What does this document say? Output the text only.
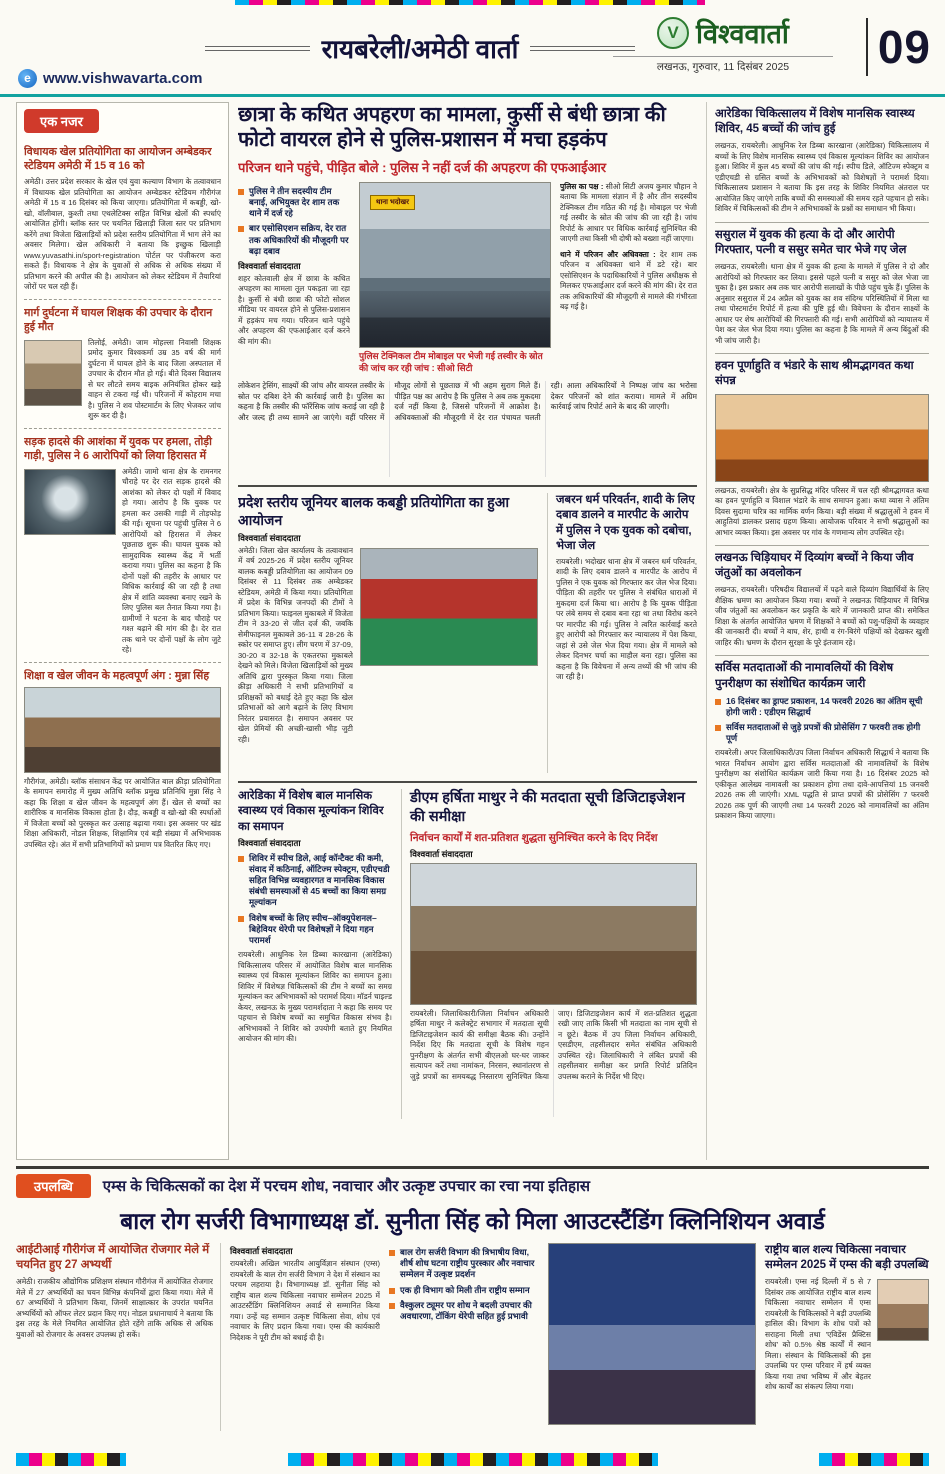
e www.vishwavarta.com
रायबरेली/अमेठी वार्ता
V विश्ववार्ता
लखनऊ, गुरुवार, 11 दिसंबर 2025	09
एक नजर
विधायक खेल प्रतियोगिता का आयोजन अम्बेडकर स्टेडियम अमेठी में 15 व 16 को

अमेठी। उत्तर प्रदेश सरकार के खेल एवं युवा कल्याण विभाग के तत्वावधान में विधायक खेल प्रतियोगिता का आयोजन अम्बेडकर स्टेडियम गौरीगंज अमेठी में 15 व 16 दिसंबर को किया जाएगा। प्रतियोगिता में कबड्डी, खो-खो, वॉलीबाल, कुश्ती तथा एथलेटिक्स सहित विभिन्न खेलों की स्पर्धाएं आयोजित होंगी। ब्लॉक स्तर पर चयनित खिलाड़ी जिला स्तर पर प्रतिभाग करेंगे तथा विजेता खिलाड़ियों को प्रदेश स्तरीय प्रतियोगिता में भाग लेने का अवसर मिलेगा। खेल अधिकारी ने बताया कि इच्छुक खिलाड़ी www.yuvasathi.in/sport-registration पोर्टल पर पंजीकरण करा सकते हैं। विधायक ने क्षेत्र के युवाओं से अधिक से अधिक संख्या में प्रतिभाग करने की अपील की है। आयोजन को लेकर स्टेडियम में तैयारियां जोरों पर चल रही हैं।

मार्ग दुर्घटना में घायल शिक्षक की उपचार के दौरान हुई मौत

तिलोई, अमेठी। जाम मोहल्ला निवासी शिक्षक प्रमोद कुमार विश्वकर्मा उम्र 35 वर्ष की मार्ग दुर्घटना में घायल होने के बाद जिला अस्पताल में उपचार के दौरान मौत हो गई। बीते दिवस विद्यालय से घर लौटते समय बाइक अनियंत्रित होकर खड़े वाहन से टकरा गई थी। परिजनों में कोहराम मचा है। पुलिस ने शव पोस्टमार्टम के लिए भेजकर जांच शुरू कर दी है।

सड़क हादसे की आशंका में युवक पर हमला, तोड़ी गाड़ी, पुलिस ने 6 आरोपियों को लिया हिरासत में

अमेठी। जामो थाना क्षेत्र के रामनगर चौराहे पर देर रात सड़क हादसे की आशंका को लेकर दो पक्षों में विवाद हो गया। आरोप है कि युवक पर हमला कर उसकी गाड़ी में तोड़फोड़ की गई। सूचना पर पहुंची पुलिस ने 6 आरोपियों को हिरासत में लेकर पूछताछ शुरू की। घायल युवक को सामुदायिक स्वास्थ्य केंद्र में भर्ती कराया गया। पुलिस का कहना है कि दोनों पक्षों की तहरीर के आधार पर विधिक कार्रवाई की जा रही है तथा क्षेत्र में शांति व्यवस्था बनाए रखने के लिए पुलिस बल तैनात किया गया है। ग्रामीणों ने घटना के बाद चौराहे पर गश्त बढ़ाने की मांग की है। देर रात तक थाने पर दोनों पक्षों के लोग जुटे रहे।

शिक्षा व खेल जीवन के महत्वपूर्ण अंग : मुन्ना सिंह

गौरीगंज, अमेठी। ब्लॉक संसाधन केंद्र पर आयोजित बाल क्रीड़ा प्रतियोगिता के समापन समारोह में मुख्य अतिथि ब्लॉक प्रमुख प्रतिनिधि मुन्ना सिंह ने कहा कि शिक्षा व खेल जीवन के महत्वपूर्ण अंग हैं। खेल से बच्चों का शारीरिक व मानसिक विकास होता है। दौड़, कबड्डी व खो-खो की स्पर्धाओं में विजेता बच्चों को पुरस्कृत कर उत्साह बढ़ाया गया। इस अवसर पर खंड शिक्षा अधिकारी, नोडल शिक्षक, शिक्षामित्र एवं बड़ी संख्या में अभिभावक उपस्थित रहे। अंत में सभी प्रतिभागियों को प्रमाण पत्र वितरित किए गए।

छात्रा के कथित अपहरण का मामला, कुर्सी से बंधी छात्रा की फोटो वायरल होने से पुलिस-प्रशासन में मचा हड़कंप
परिजन थाने पहुंचे, पीड़ित बोले : पुलिस ने नहीं दर्ज की अपहरण की एफआईआर
पुलिस ने तीन सदस्यीय टीम बनाई, अभियुक्त देर शाम तक थाने में दर्ज रहे
बार एसोसिएशन सक्रिय, देर रात तक अधिकारियों की मौजूदगी पर बढ़ा दबाव
विश्ववार्ता संवाददाता

शहर कोतवाली क्षेत्र में छात्रा के कथित अपहरण का मामला तूल पकड़ता जा रहा है। कुर्सी से बंधी छात्रा की फोटो सोशल मीडिया पर वायरल होने से पुलिस-प्रशासन में हड़कंप मच गया। परिजन थाने पहुंचे और अपहरण की एफआईआर दर्ज करने की मांग की।

थाना भदोखर
पुलिस टेक्निकल टीम मोबाइल पर भेजी गई तस्वीर के स्रोत की जांच कर रही जांच : सीओ सिटी

पुलिस का पक्ष : सीओ सिटी अजय कुमार चौहान ने बताया कि मामला संज्ञान में है और तीन सदस्यीय टेक्निकल टीम गठित की गई है। मोबाइल पर भेजी गई तस्वीर के स्रोत की जांच की जा रही है। जांच रिपोर्ट के आधार पर विधिक कार्रवाई सुनिश्चित की जाएगी तथा किसी भी दोषी को बख्शा नहीं जाएगा।

थाने में परिजन और अधिवक्ता : देर शाम तक परिजन व अधिवक्ता थाने में डटे रहे। बार एसोसिएशन के पदाधिकारियों ने पुलिस अधीक्षक से मिलकर एफआईआर दर्ज करने की मांग की। देर रात तक अधिकारियों की मौजूदगी से मामले की गंभीरता बढ़ गई है।

लोकेशन ट्रेसिंग, साक्ष्यों की जांच और वायरल तस्वीर के स्रोत पर दबिश देने की कार्रवाई जारी है। पुलिस का कहना है कि तस्वीर की फॉरेंसिक जांच कराई जा रही है और जल्द ही तथ्य सामने आ जाएंगे। वहीं परिसर में मौजूद लोगों से पूछताछ में भी अहम सुराग मिले हैं। पीड़ित पक्ष का आरोप है कि पुलिस ने अब तक मुकदमा दर्ज नहीं किया है, जिससे परिजनों में आक्रोश है। अधिवक्ताओं की मौजूदगी में देर रात पंचायत चलती रही। आला अधिकारियों ने निष्पक्ष जांच का भरोसा देकर परिजनों को शांत कराया। मामले में अग्रिम कार्रवाई जांच रिपोर्ट आने के बाद की जाएगी।

प्रदेश स्तरीय जूनियर बालक कबड्डी प्रतियोगिता का हुआ आयोजन
विश्ववार्ता संवाददाता

अमेठी। जिला खेल कार्यालय के तत्वावधान में वर्ष 2025-26 में प्रदेश स्तरीय जूनियर बालक कबड्डी प्रतियोगिता का आयोजन 09 दिसंबर से 11 दिसंबर तक अम्बेडकर स्टेडियम, अमेठी में किया गया। प्रतियोगिता में प्रदेश के विभिन्न जनपदों की टीमों ने प्रतिभाग किया। फाइनल मुकाबले में विजेता टीम ने 33-20 से जीत दर्ज की, जबकि सेमीफाइनल मुकाबले 36-11 व 28-26 के स्कोर पर समाप्त हुए। लीग चरण में 37-09, 30-20 व 32-18 के एकतरफा मुकाबले देखने को मिले। विजेता खिलाड़ियों को मुख्य अतिथि द्वारा पुरस्कृत किया गया। जिला क्रीड़ा अधिकारी ने सभी प्रतिभागियों व प्रशिक्षकों को बधाई देते हुए कहा कि खेल प्रतिभाओं को आगे बढ़ाने के लिए विभाग निरंतर प्रयासरत है। समापन अवसर पर खेल प्रेमियों की अच्छी-खासी भीड़ जुटी रही।

जबरन धर्म परिवर्तन, शादी के लिए दबाव डालने व मारपीट के आरोप में पुलिस ने एक युवक को दबोचा, भेजा जेल

रायबरेली। भदोखर थाना क्षेत्र में जबरन धर्म परिवर्तन, शादी के लिए दबाव डालने व मारपीट के आरोप में पुलिस ने एक युवक को गिरफ्तार कर जेल भेज दिया। पीड़िता की तहरीर पर पुलिस ने संबंधित धाराओं में मुकदमा दर्ज किया था। आरोप है कि युवक पीड़िता पर लंबे समय से दबाव बना रहा था तथा विरोध करने पर मारपीट की गई। पुलिस ने त्वरित कार्रवाई करते हुए आरोपी को गिरफ्तार कर न्यायालय में पेश किया, जहां से उसे जेल भेज दिया गया। क्षेत्र में मामले को लेकर दिनभर चर्चा का माहौल बना रहा। पुलिस का कहना है कि विवेचना में अन्य तथ्यों की भी जांच की जा रही है।

आरेडिका में विशेष बाल मानसिक स्वास्थ्य एवं विकास मूल्यांकन शिविर का समापन
विश्ववार्ता संवाददाता
शिविर में स्पीच डिले, आई कॉन्टैक्ट की कमी, संवाद में कठिनाई, ऑटिज्म स्पेक्ट्रम, एडीएचडी सहित विभिन्न व्यवहारगत व मानसिक विकास संबंधी समस्याओं से 45 बच्चों का किया समग्र मूल्यांकन
विशेष बच्चों के लिए स्पीच–ऑक्यूपेशनल–बिहेवियर थेरेपी पर विशेषज्ञों ने दिया गहन परामर्श

रायबरेली। आधुनिक रेल डिब्बा कारखाना (आरेडिका) चिकित्सालय परिसर में आयोजित विशेष बाल मानसिक स्वास्थ्य एवं विकास मूल्यांकन शिविर का समापन हुआ। शिविर में विशेषज्ञ चिकित्सकों की टीम ने बच्चों का समग्र मूल्यांकन कर अभिभावकों को परामर्श दिया। मॉडर्न चाइल्ड केयर, लखनऊ के मुख्य परामर्शदाता ने कहा कि समय पर पहचान से विशेष बच्चों का समुचित विकास संभव है। अभिभावकों ने शिविर को उपयोगी बताते हुए नियमित आयोजन की मांग की।

डीएम हर्षिता माथुर ने की मतदाता सूची डिजिटाइजेशन की समीक्षा
निर्वाचन कार्यों में शत-प्रतिशत शुद्धता सुनिश्चित करने के दिए निर्देश
विश्ववार्ता संवाददाता

रायबरेली। जिलाधिकारी/जिला निर्वाचन अधिकारी हर्षिता माथुर ने कलेक्ट्रेट सभागार में मतदाता सूची डिजिटाइजेशन कार्य की समीक्षा बैठक की। उन्होंने निर्देश दिए कि मतदाता सूची के विशेष गहन पुनरीक्षण के अंतर्गत सभी बीएलओ घर-घर जाकर सत्यापन करें तथा नामांकन, निरसन, स्थानांतरण से जुड़े प्रपत्रों का समयबद्ध निस्तारण सुनिश्चित किया जाए। डिजिटाइजेशन कार्य में शत-प्रतिशत शुद्धता रखी जाए ताकि किसी भी मतदाता का नाम सूची से न छूटे। बैठक में उप जिला निर्वाचन अधिकारी, एसडीएम, तहसीलदार समेत संबंधित अधिकारी उपस्थित रहे। जिलाधिकारी ने लंबित प्रपत्रों की तहसीलवार समीक्षा कर प्रगति रिपोर्ट प्रतिदिन उपलब्ध कराने के निर्देश भी दिए।

आरेडिका चिकित्सालय में विशेष मानसिक स्वास्थ्य शिविर, 45 बच्चों की जांच हुई

लखनऊ, रायबरेली। आधुनिक रेल डिब्बा कारखाना (आरेडिका) चिकित्सालय में बच्चों के लिए विशेष मानसिक स्वास्थ्य एवं विकास मूल्यांकन शिविर का आयोजन हुआ। शिविर में कुल 45 बच्चों की जांच की गई। स्पीच डिले, ऑटिज्म स्पेक्ट्रम व एडीएचडी से ग्रसित बच्चों के अभिभावकों को विशेषज्ञों ने परामर्श दिया। चिकित्सालय प्रशासन ने बताया कि इस तरह के शिविर नियमित अंतराल पर आयोजित किए जाएंगे ताकि बच्चों की समस्याओं की समय रहते पहचान हो सके। शिविर में चिकित्सकों की टीम ने अभिभावकों के प्रश्नों का समाधान भी किया।

ससुराल में युवक की हत्या के दो और आरोपी गिरफ्तार, पत्नी व ससुर समेत चार भेजे गए जेल

लखनऊ, रायबरेली। थाना क्षेत्र में युवक की हत्या के मामले में पुलिस ने दो और आरोपियों को गिरफ्तार कर लिया। इससे पहले पत्नी व ससुर को जेल भेजा जा चुका है। इस प्रकार अब तक चार आरोपी सलाखों के पीछे पहुंच चुके हैं। पुलिस के अनुसार ससुराल में 24 अप्रैल को युवक का शव संदिग्ध परिस्थितियों में मिला था तथा पोस्टमार्टम रिपोर्ट में हत्या की पुष्टि हुई थी। विवेचना के दौरान साक्ष्यों के आधार पर शेष आरोपियों की गिरफ्तारी की गई। सभी आरोपियों को न्यायालय में पेश कर जेल भेज दिया गया। पुलिस का कहना है कि मामले में अन्य बिंदुओं की भी जांच जारी है।

हवन पूर्णाहुति व भंडारे के साथ श्रीमद्भागवत कथा संपन्न

लखनऊ, रायबरेली। क्षेत्र के सुप्रसिद्ध मंदिर परिसर में चल रही श्रीमद्भागवत कथा का हवन पूर्णाहुति व विशाल भंडारे के साथ समापन हुआ। कथा व्यास ने अंतिम दिवस सुदामा चरित्र का मार्मिक वर्णन किया। बड़ी संख्या में श्रद्धालुओं ने हवन में आहुतियां डालकर प्रसाद ग्रहण किया। आयोजक परिवार ने सभी श्रद्धालुओं का आभार व्यक्त किया। इस अवसर पर गांव के गणमान्य लोग उपस्थित रहे।

लखनऊ चिड़ियाघर में दिव्यांग बच्चों ने किया जीव जंतुओं का अवलोकन

लखनऊ, रायबरेली। परिषदीय विद्यालयों में पढ़ने वाले दिव्यांग विद्यार्थियों के लिए शैक्षिक भ्रमण का आयोजन किया गया। बच्चों ने लखनऊ चिड़ियाघर में विभिन्न जीव जंतुओं का अवलोकन कर प्रकृति के बारे में जानकारी प्राप्त की। समेकित शिक्षा के अंतर्गत आयोजित भ्रमण में शिक्षकों ने बच्चों को पशु-पक्षियों के व्यवहार की जानकारी दी। बच्चों ने बाघ, शेर, हाथी व रंग-बिरंगे पक्षियों को देखकर खुशी जाहिर की। भ्रमण के दौरान सुरक्षा के पूरे इंतजाम रहे।

सर्विस मतदाताओं की नामावलियों की विशेष पुनरीक्षण का संशोधित कार्यक्रम जारी
16 दिसंबर का ड्राफ्ट प्रकाशन, 14 फरवरी 2026 का अंतिम सूची होगी जारी : एडीएम सिद्धार्थ
सर्विस मतदाताओं से जुड़े प्रपत्रों की प्रोसेसिंग 7 फरवरी तक होगी पूर्ण

रायबरेली। अपर जिलाधिकारी/उप जिला निर्वाचन अधिकारी सिद्धार्थ ने बताया कि भारत निर्वाचन आयोग द्वारा सर्विस मतदाताओं की नामावलियों के विशेष पुनरीक्षण का संशोधित कार्यक्रम जारी किया गया है। 16 दिसंबर 2025 को एकीकृत आलेख्य नामावली का प्रकाशन होगा तथा दावे-आपत्तियां 15 जनवरी 2026 तक ली जाएंगी। XML पद्धति से प्राप्त प्रपत्रों की प्रोसेसिंग 7 फरवरी 2026 तक पूर्ण की जाएगी तथा 14 फरवरी 2026 को नामावलियों का अंतिम प्रकाशन किया जाएगा।

उपलब्धि	एम्स के चिकित्सकों का देश में परचम शोध, नवाचार और उत्कृष्ट उपचार का रचा नया इतिहास
बाल रोग सर्जरी विभागाध्यक्ष डॉ. सुनीता सिंह को मिला आउटस्टैंडिंग क्लिनिशियन अवार्ड
आईटीआई गौरीगंज में आयोजित रोजगार मेले में चयनित हुए 27 अभ्यर्थी

अमेठी। राजकीय औद्योगिक प्रशिक्षण संस्थान गौरीगंज में आयोजित रोजगार मेले में 27 अभ्यर्थियों का चयन विभिन्न कंपनियों द्वारा किया गया। मेले में 67 अभ्यर्थियों ने प्रतिभाग किया, जिनमें साक्षात्कार के उपरांत चयनित अभ्यर्थियों को ऑफर लेटर प्रदान किए गए। नोडल प्रधानाचार्य ने बताया कि इस तरह के मेले नियमित आयोजित होते रहेंगे ताकि अधिक से अधिक युवाओं को रोजगार के अवसर उपलब्ध हो सकें।

विश्ववार्ता संवाददाता

रायबरेली। अखिल भारतीय आयुर्विज्ञान संस्थान (एम्स) रायबरेली के बाल रोग सर्जरी विभाग ने देश में संस्थान का परचम लहराया है। विभागाध्यक्ष डॉ. सुनीता सिंह को राष्ट्रीय बाल शल्य चिकित्सा नवाचार सम्मेलन 2025 में आउटस्टैंडिंग क्लिनिशियन अवार्ड से सम्मानित किया गया। उन्हें यह सम्मान उत्कृष्ट चिकित्सा सेवा, शोध एवं नवाचार के लिए प्रदान किया गया। एम्स की कार्यकारी निदेशक ने पूरी टीम को बधाई दी है।

बाल रोग सर्जरी विभाग की त्रिभाषीय विधा, शीर्ष शोध घटना राष्ट्रीय पुरस्कार और नवाचार सम्मेलन में उत्कृष्ट प्रदर्शन
एक ही विभाग को मिली तीन राष्ट्रीय सम्मान
वैस्कुलर ट्यूमर पर शोध ने बदली उपचार की अवधारणा, टॉकिंग थेरेपी सहित हुई प्रभावी
राष्ट्रीय बाल शल्य चिकित्सा नवाचार सम्मेलन 2025 में एम्स की बड़ी उपलब्धि

रायबरेली। एम्स नई दिल्ली में 5 से 7 दिसंबर तक आयोजित राष्ट्रीय बाल शल्य चिकित्सा नवाचार सम्मेलन में एम्स रायबरेली के चिकित्सकों ने बड़ी उपलब्धि हासिल की। विभाग के शोध पत्रों को सराहना मिली तथा 'एविडेंस प्रैक्टिस शोध' को 0.5% श्रेष्ठ कार्यों में स्थान मिला। संस्थान के चिकित्सकों की इस उपलब्धि पर एम्स परिवार में हर्ष व्यक्त किया गया तथा भविष्य में और बेहतर शोध कार्यों का संकल्प लिया गया।
